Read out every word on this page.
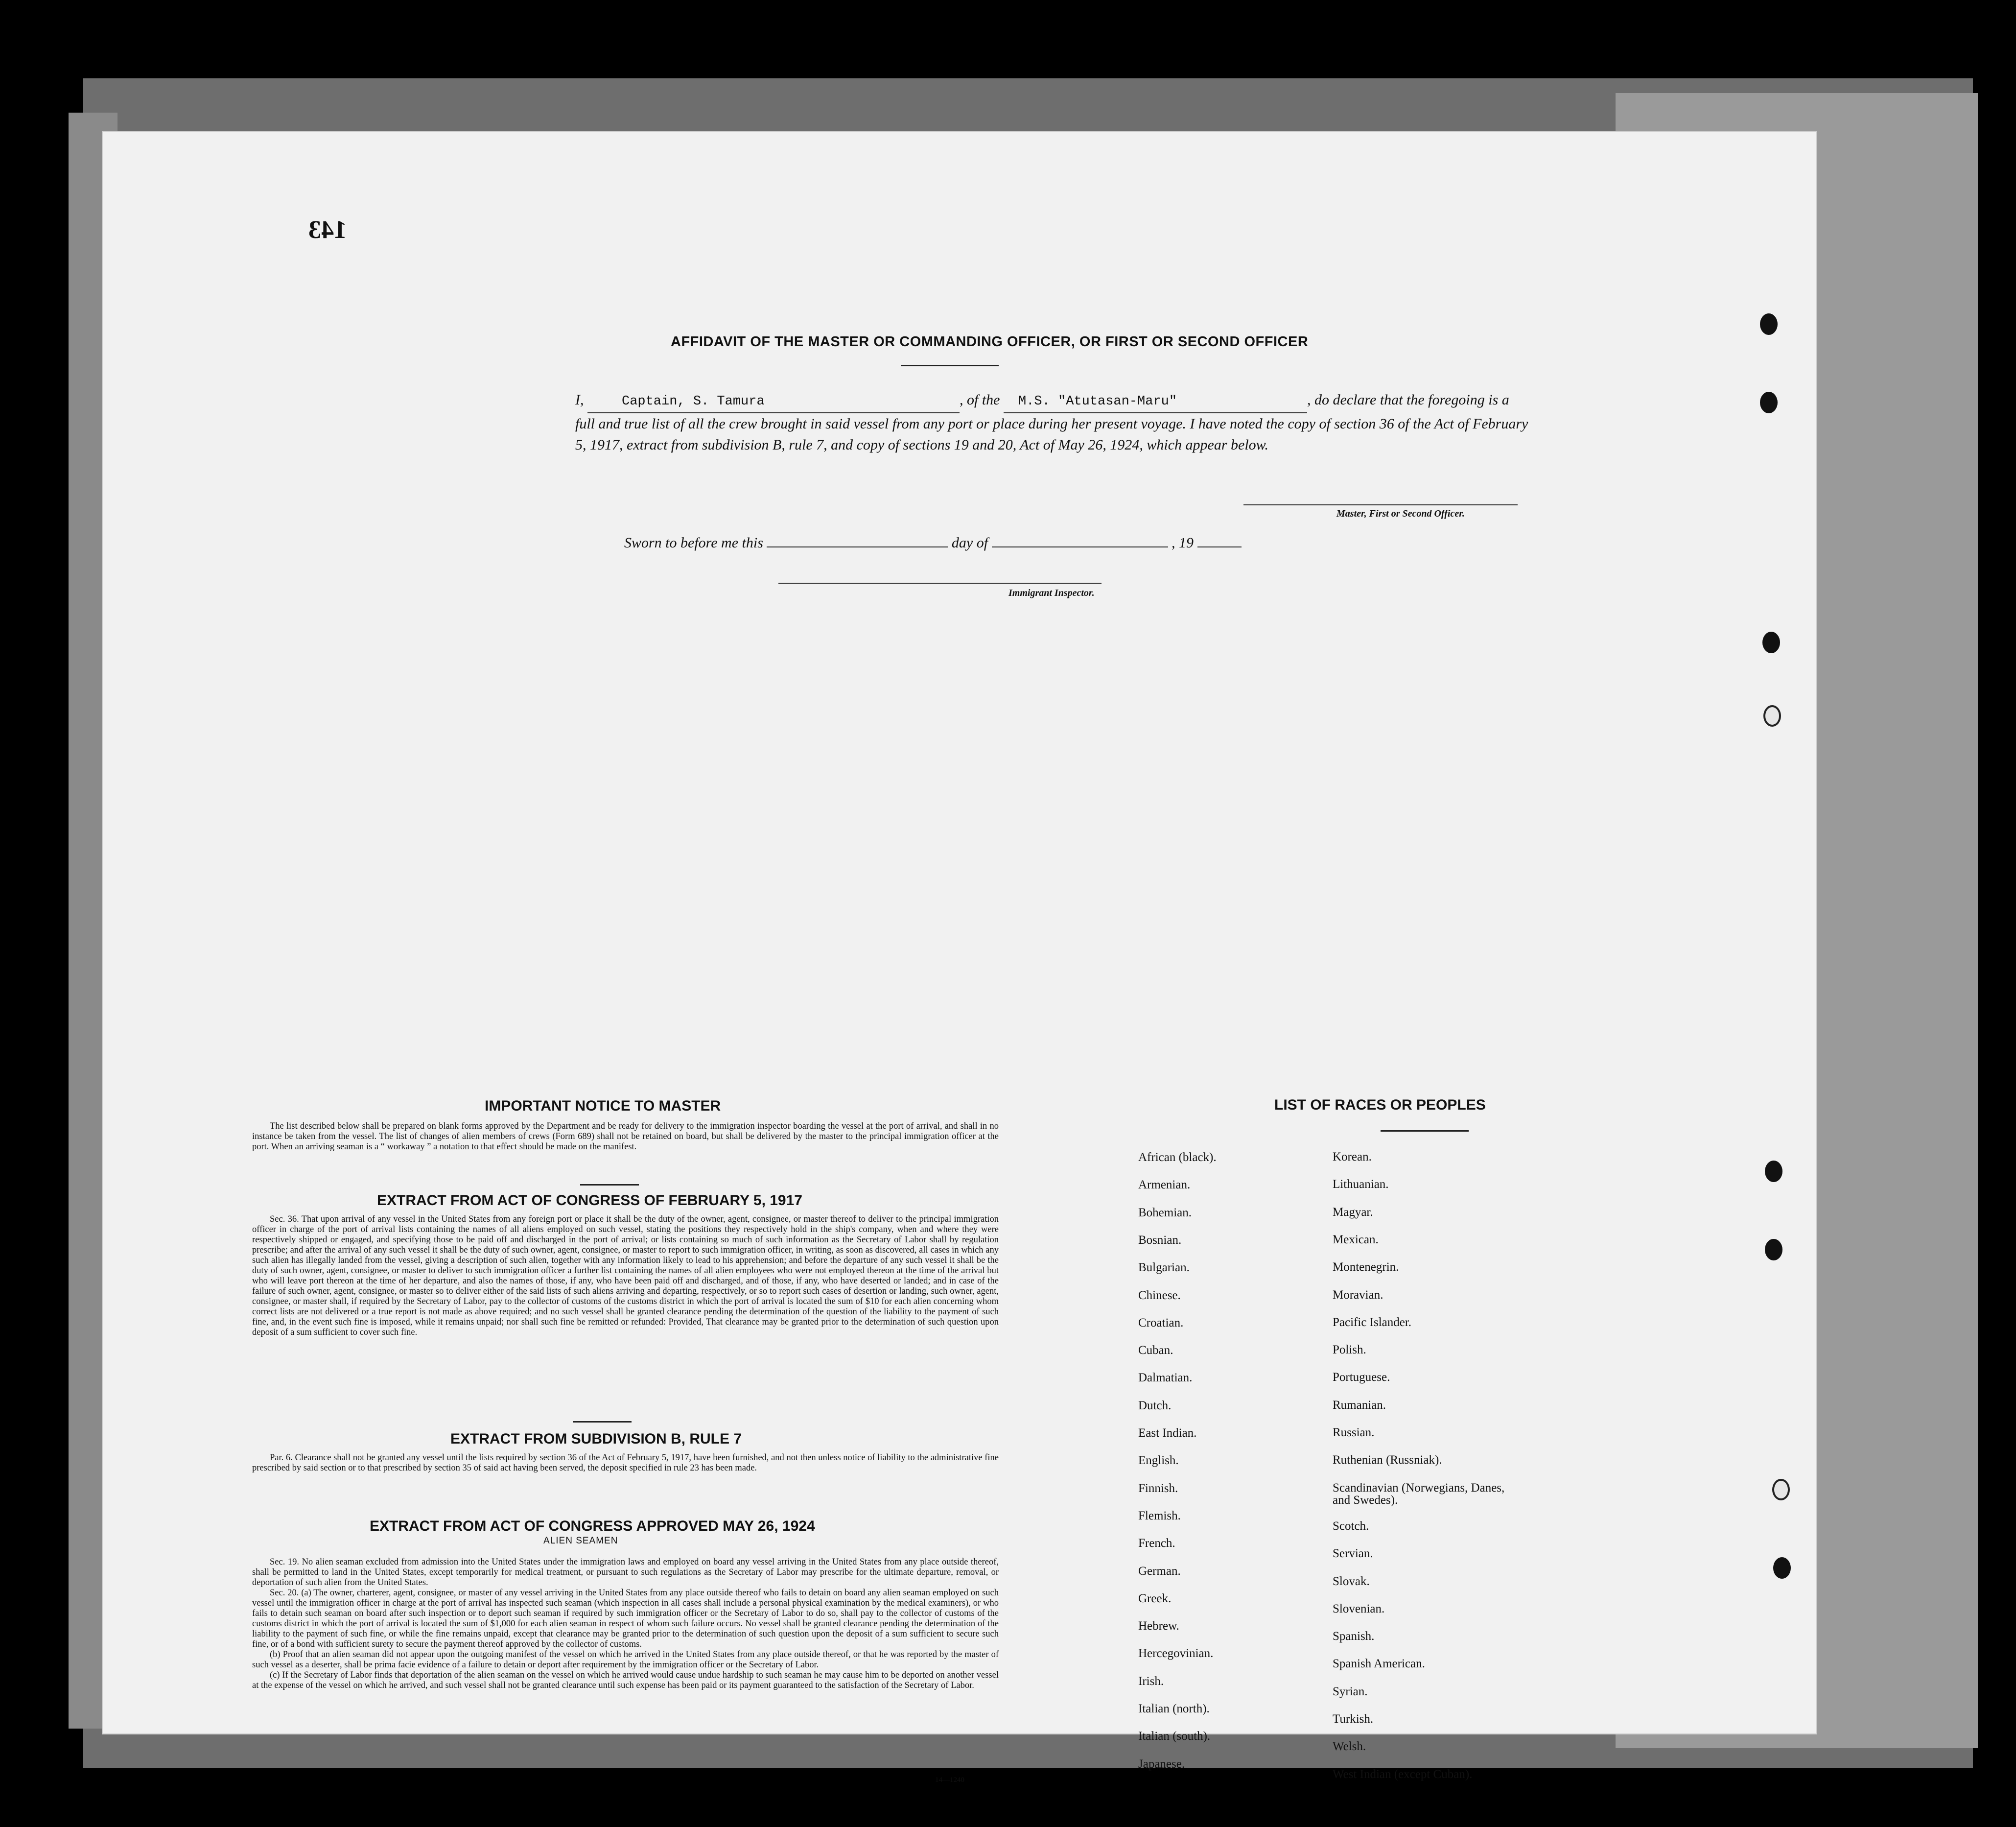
143
AFFIDAVIT OF THE MASTER OR COMMANDING OFFICER, OR FIRST OR SECOND OFFICER
I,	Captain, S. Tamura	, of the M.S. "Atutasan-Maru"	, do declare that the foregoing is a full and true list of all the crew brought in said vessel from any port or place during her present voyage. I have noted the copy of section 36 of the Act of February 5, 1917, extract from subdivision B, rule 7, and copy of sections 19 and 20, Act of May 26, 1924, which appear below.
Master, First or Second Officer.
Sworn to before me this	day of	, 19
Immigrant Inspector.
IMPORTANT NOTICE TO MASTER

The list described below shall be prepared on blank forms approved by the Department and be ready for delivery to the immigration inspector boarding the vessel at the port of arrival, and shall in no instance be taken from the vessel. The list of changes of alien members of crews (Form 689) shall not be retained on board, but shall be delivered by the master to the principal immigration officer at the port. When an arriving seaman is a “ workaway ” a notation to that effect should be made on the manifest.

EXTRACT FROM ACT OF CONGRESS OF FEBRUARY 5, 1917

Sec. 36. That upon arrival of any vessel in the United States from any foreign port or place it shall be the duty of the owner, agent, consignee, or master thereof to deliver to the principal immigration officer in charge of the port of arrival lists containing the names of all aliens employed on such vessel, stating the positions they respectively hold in the ship's company, when and where they were respectively shipped or engaged, and specifying those to be paid off and discharged in the port of arrival; or lists containing so much of such information as the Secretary of Labor shall by regulation prescribe; and after the arrival of any such vessel it shall be the duty of such owner, agent, consignee, or master to report to such immigration officer, in writing, as soon as discovered, all cases in which any such alien has illegally landed from the vessel, giving a description of such alien, together with any information likely to lead to his apprehension; and before the departure of any such vessel it shall be the duty of such owner, agent, consignee, or master to deliver to such immigration officer a further list containing the names of all alien employees who were not employed thereon at the time of the arrival but who will leave port thereon at the time of her departure, and also the names of those, if any, who have been paid off and discharged, and of those, if any, who have deserted or landed; and in case of the failure of such owner, agent, consignee, or master so to deliver either of the said lists of such aliens arriving and departing, respectively, or so to report such cases of desertion or landing, such owner, agent, consignee, or master shall, if required by the Secretary of Labor, pay to the collector of customs of the customs district in which the port of arrival is located the sum of $10 for each alien concerning whom correct lists are not delivered or a true report is not made as above required; and no such vessel shall be granted clearance pending the determination of the question of the liability to the payment of such fine, and, in the event such fine is imposed, while it remains unpaid; nor shall such fine be remitted or refunded: Provided, That clearance may be granted prior to the determination of such question upon deposit of a sum sufficient to cover such fine.

EXTRACT FROM SUBDIVISION B, RULE 7

Par. 6. Clearance shall not be granted any vessel until the lists required by section 36 of the Act of February 5, 1917, have been furnished, and not then unless notice of liability to the administrative fine prescribed by said section or to that prescribed by section 35 of said act having been served, the deposit specified in rule 23 has been made.

EXTRACT FROM ACT OF CONGRESS APPROVED MAY 26, 1924
ALIEN SEAMEN

Sec. 19. No alien seaman excluded from admission into the United States under the immigration laws and employed on board any vessel arriving in the United States from any place outside thereof, shall be permitted to land in the United States, except temporarily for medical treatment, or pursuant to such regulations as the Secretary of Labor may prescribe for the ultimate departure, removal, or deportation of such alien from the United States.

Sec. 20. (a) The owner, charterer, agent, consignee, or master of any vessel arriving in the United States from any place outside thereof who fails to detain on board any alien seaman employed on such vessel until the immigration officer in charge at the port of arrival has inspected such seaman (which inspection in all cases shall include a personal physical examination by the medical examiners), or who fails to detain such seaman on board after such inspection or to deport such seaman if required by such immigration officer or the Secretary of Labor to do so, shall pay to the collector of customs of the customs district in which the port of arrival is located the sum of $1,000 for each alien seaman in respect of whom such failure occurs. No vessel shall be granted clearance pending the determination of the liability to the payment of such fine, or while the fine remains unpaid, except that clearance may be granted prior to the determination of such question upon the deposit of a sum sufficient to secure such fine, or of a bond with sufficient surety to secure the payment thereof approved by the collector of customs.

(b) Proof that an alien seaman did not appear upon the outgoing manifest of the vessel on which he arrived in the United States from any place outside thereof, or that he was reported by the master of such vessel as a deserter, shall be prima facie evidence of a failure to detain or deport after requirement by the immigration officer or the Secretary of Labor.

(c) If the Secretary of Labor finds that deportation of the alien seaman on the vessel on which he arrived would cause undue hardship to such seaman he may cause him to be deported on another vessel at the expense of the vessel on which he arrived, and such vessel shall not be granted clearance until such expense has been paid or its payment guaranteed to the satisfaction of the Secretary of Labor.

14—1240
LIST OF RACES OR PEOPLES
African (black).
Armenian.
Bohemian.
Bosnian.
Bulgarian.
Chinese.
Croatian.
Cuban.
Dalmatian.
Dutch.
East Indian.
English.
Finnish.
Flemish.
French.
German.
Greek.
Hebrew.
Hercegovinian.
Irish.
Italian (north).
Italian (south).
Japanese.
Korean.
Lithuanian.
Magyar.
Mexican.
Montenegrin.
Moravian.
Pacific Islander.
Polish.
Portuguese.
Rumanian.
Russian.
Ruthenian (Russniak).
Scandinavian (Norwegians, Danes, and Swedes).
Scotch.
Servian.
Slovak.
Slovenian.
Spanish.
Spanish American.
Syrian.
Turkish.
Welsh.
West Indian (except Cuban).
